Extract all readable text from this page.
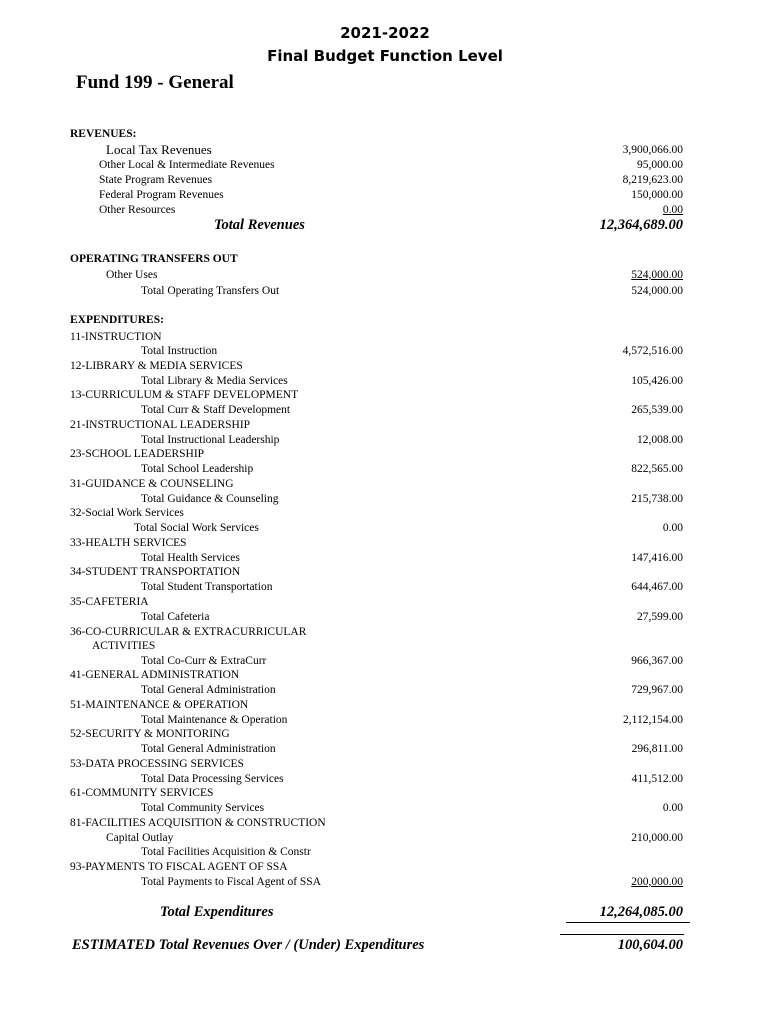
2021-2022
Final Budget Function Level
Fund 199 - General
REVENUES:
Local Tax Revenues	3,900,066.00
Other Local & Intermediate Revenues	95,000.00
State Program Revenues	8,219,623.00
Federal Program Revenues	150,000.00
Other Resources	0.00
Total Revenues	12,364,689.00
OPERATING TRANSFERS OUT
Other Uses	524,000.00
Total Operating Transfers Out	524,000.00
EXPENDITURES:
11-INSTRUCTION
Total Instruction	4,572,516.00
12-LIBRARY & MEDIA SERVICES
Total Library & Media Services	105,426.00
13-CURRICULUM & STAFF DEVELOPMENT
Total Curr & Staff Development	265,539.00
21-INSTRUCTIONAL LEADERSHIP
Total Instructional Leadership	12,008.00
23-SCHOOL LEADERSHIP
Total School Leadership	822,565.00
31-GUIDANCE & COUNSELING
Total Guidance & Counseling	215,738.00
32-Social Work Services
Total Social Work Services	0.00
33-HEALTH SERVICES
Total Health Services	147,416.00
34-STUDENT TRANSPORTATION
Total Student Transportation	644,467.00
35-CAFETERIA
Total Cafeteria	27,599.00
36-CO-CURRICULAR & EXTRACURRICULAR
ACTIVITIES
Total Co-Curr & ExtraCurr	966,367.00
41-GENERAL ADMINISTRATION
Total General Administration	729,967.00
51-MAINTENANCE & OPERATION
Total Maintenance & Operation	2,112,154.00
52-SECURITY & MONITORING
Total General Administration	296,811.00
53-DATA PROCESSING SERVICES
Total Data Processing Services	411,512.00
61-COMMUNITY SERVICES
Total Community Services	0.00
81-FACILITIES ACQUISITION & CONSTRUCTION
Capital Outlay	210,000.00
Total Facilities Acquisition & Constr
93-PAYMENTS TO FISCAL AGENT OF SSA
Total Payments to Fiscal Agent of SSA	200,000.00
Total Expenditures	12,264,085.00
ESTIMATED Total Revenues Over / (Under) Expenditures	100,604.00
